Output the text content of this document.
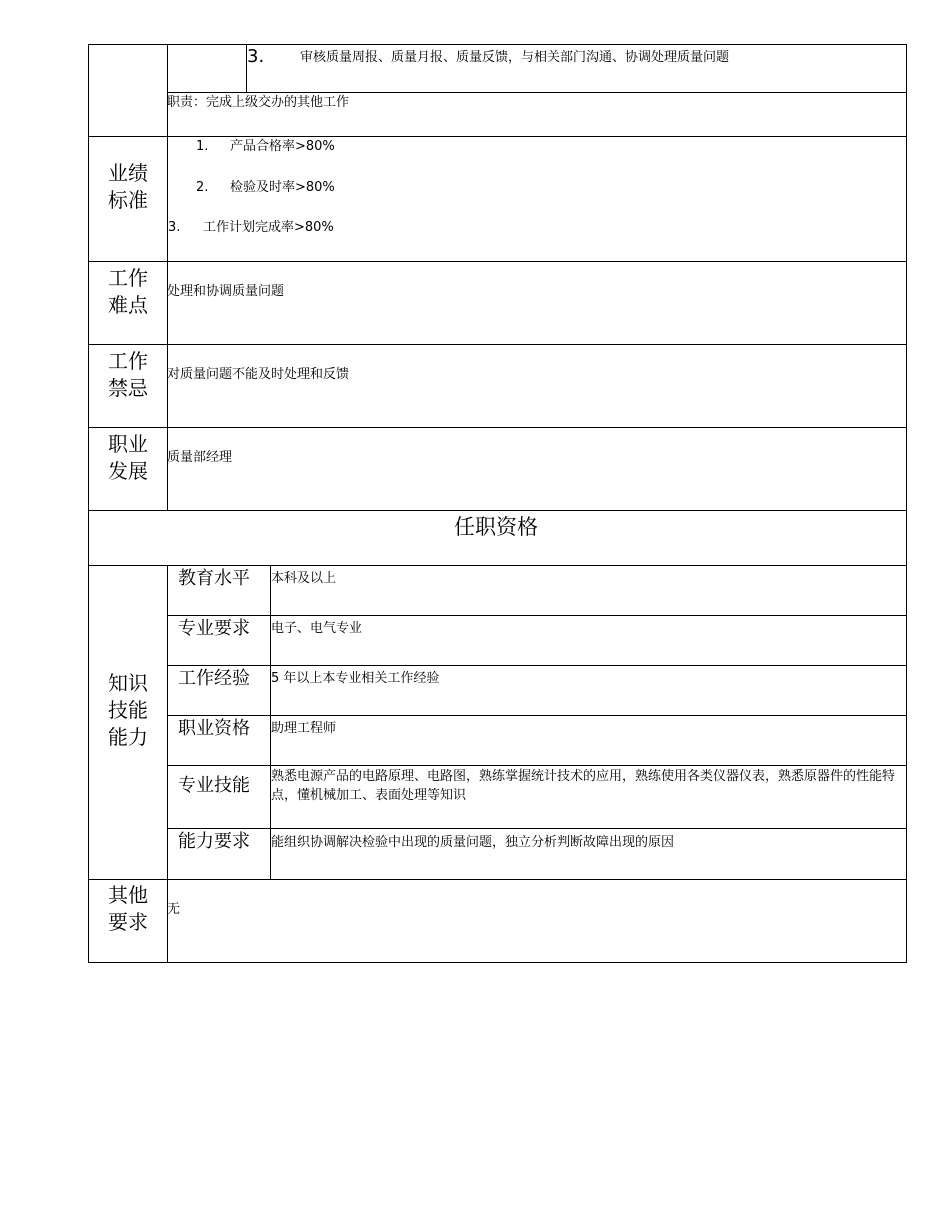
3.	审核质量周报、质量月报、质量反馈，与相关部门沟通、协调处理质量问题
职责：完成上级交办的其他工作
业绩
标准
1. 产品合格率>80%
2. 检验及时率>80%
3. 工作计划完成率>80%
工作
难点
处理和协调质量问题
工作
禁忌
对质量问题不能及时处理和反馈
职业
发展
质量部经理
任职资格
知识
技能
能力
教育水平 本科及以上
专业要求 电子、电气专业
工作经验 5 年以上本专业相关工作经验
职业资格 助理工程师
专业技能 熟悉电源产品的电路原理、电路图，熟练掌握统计技术的应用，熟练使用各类仪器仪表，熟悉原器件的性能特点，懂机械加工、表面处理等知识
能力要求 能组织协调解决检验中出现的质量问题，独立分析判断故障出现的原因
其他
要求
无
